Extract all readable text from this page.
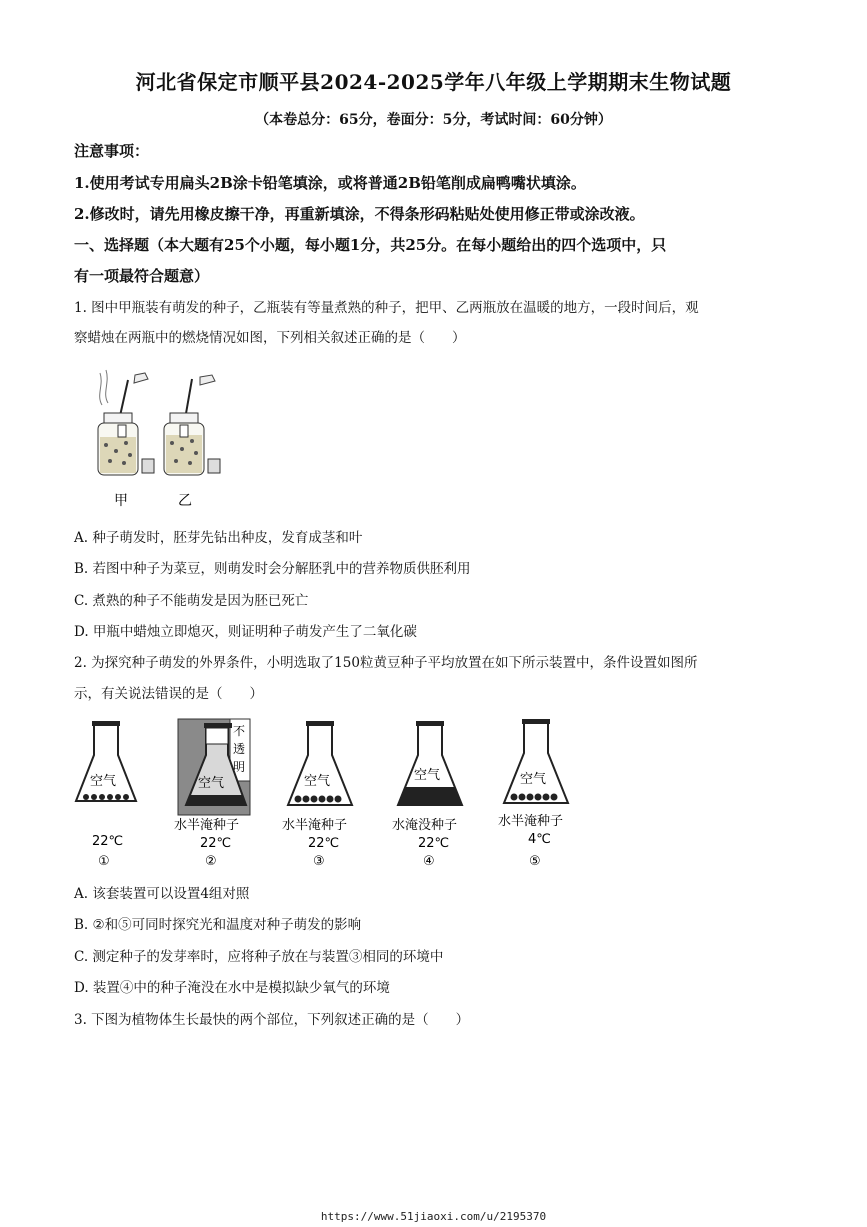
河北省保定市顺平县2024-2025学年八年级上学期期末生物试题
（本卷总分：65分，卷面分：5分，考试时间：60分钟）
注意事项：
1.使用考试专用扁头2B涂卡铅笔填涂，或将普通2B铅笔削成扁鸭嘴状填涂。
2.修改时，请先用橡皮擦干净，再重新填涂，不得条形码粘贴处使用修正带或涂改液。
一、选择题（本大题有25个小题，每小题1分，共25分。在每小题给出的四个选项中，只
有一项最符合题意）
1. 图中甲瓶装有萌发的种子，乙瓶装有等量煮熟的种子，把甲、乙两瓶放在温暖的地方，一段时间后，观
察蜡烛在两瓶中的燃烧情况如图，下列相关叙述正确的是（　　）
甲	乙
A. 种子萌发时，胚芽先钻出种皮，发育成茎和叶
B. 若图中种子为菜豆，则萌发时会分解胚乳中的营养物质供胚利用
C. 煮熟的种子不能萌发是因为胚已死亡
D. 甲瓶中蜡烛立即熄灭，则证明种子萌发产生了二氧化碳
2. 为探究种子萌发的外界条件，小明选取了150粒黄豆种子平均放置在如下所示装置中，条件设置如图所
示，有关说法错误的是（　　）
空气
22℃
①
空气
不
透
明
水半淹种子
22℃
②
空气
水半淹种子
22℃
③
空气
水淹没种子
22℃
④
空气
水半淹种子
4℃
⑤
A. 该套装置可以设置4组对照
B. ②和⑤可同时探究光和温度对种子萌发的影响
C. 测定种子的发芽率时，应将种子放在与装置③相同的环境中
D. 装置④中的种子淹没在水中是模拟缺少氧气的环境
3. 下图为植物体生长最快的两个部位，下列叙述正确的是（　　）
https://www.51jiaoxi.com/u/2195370
